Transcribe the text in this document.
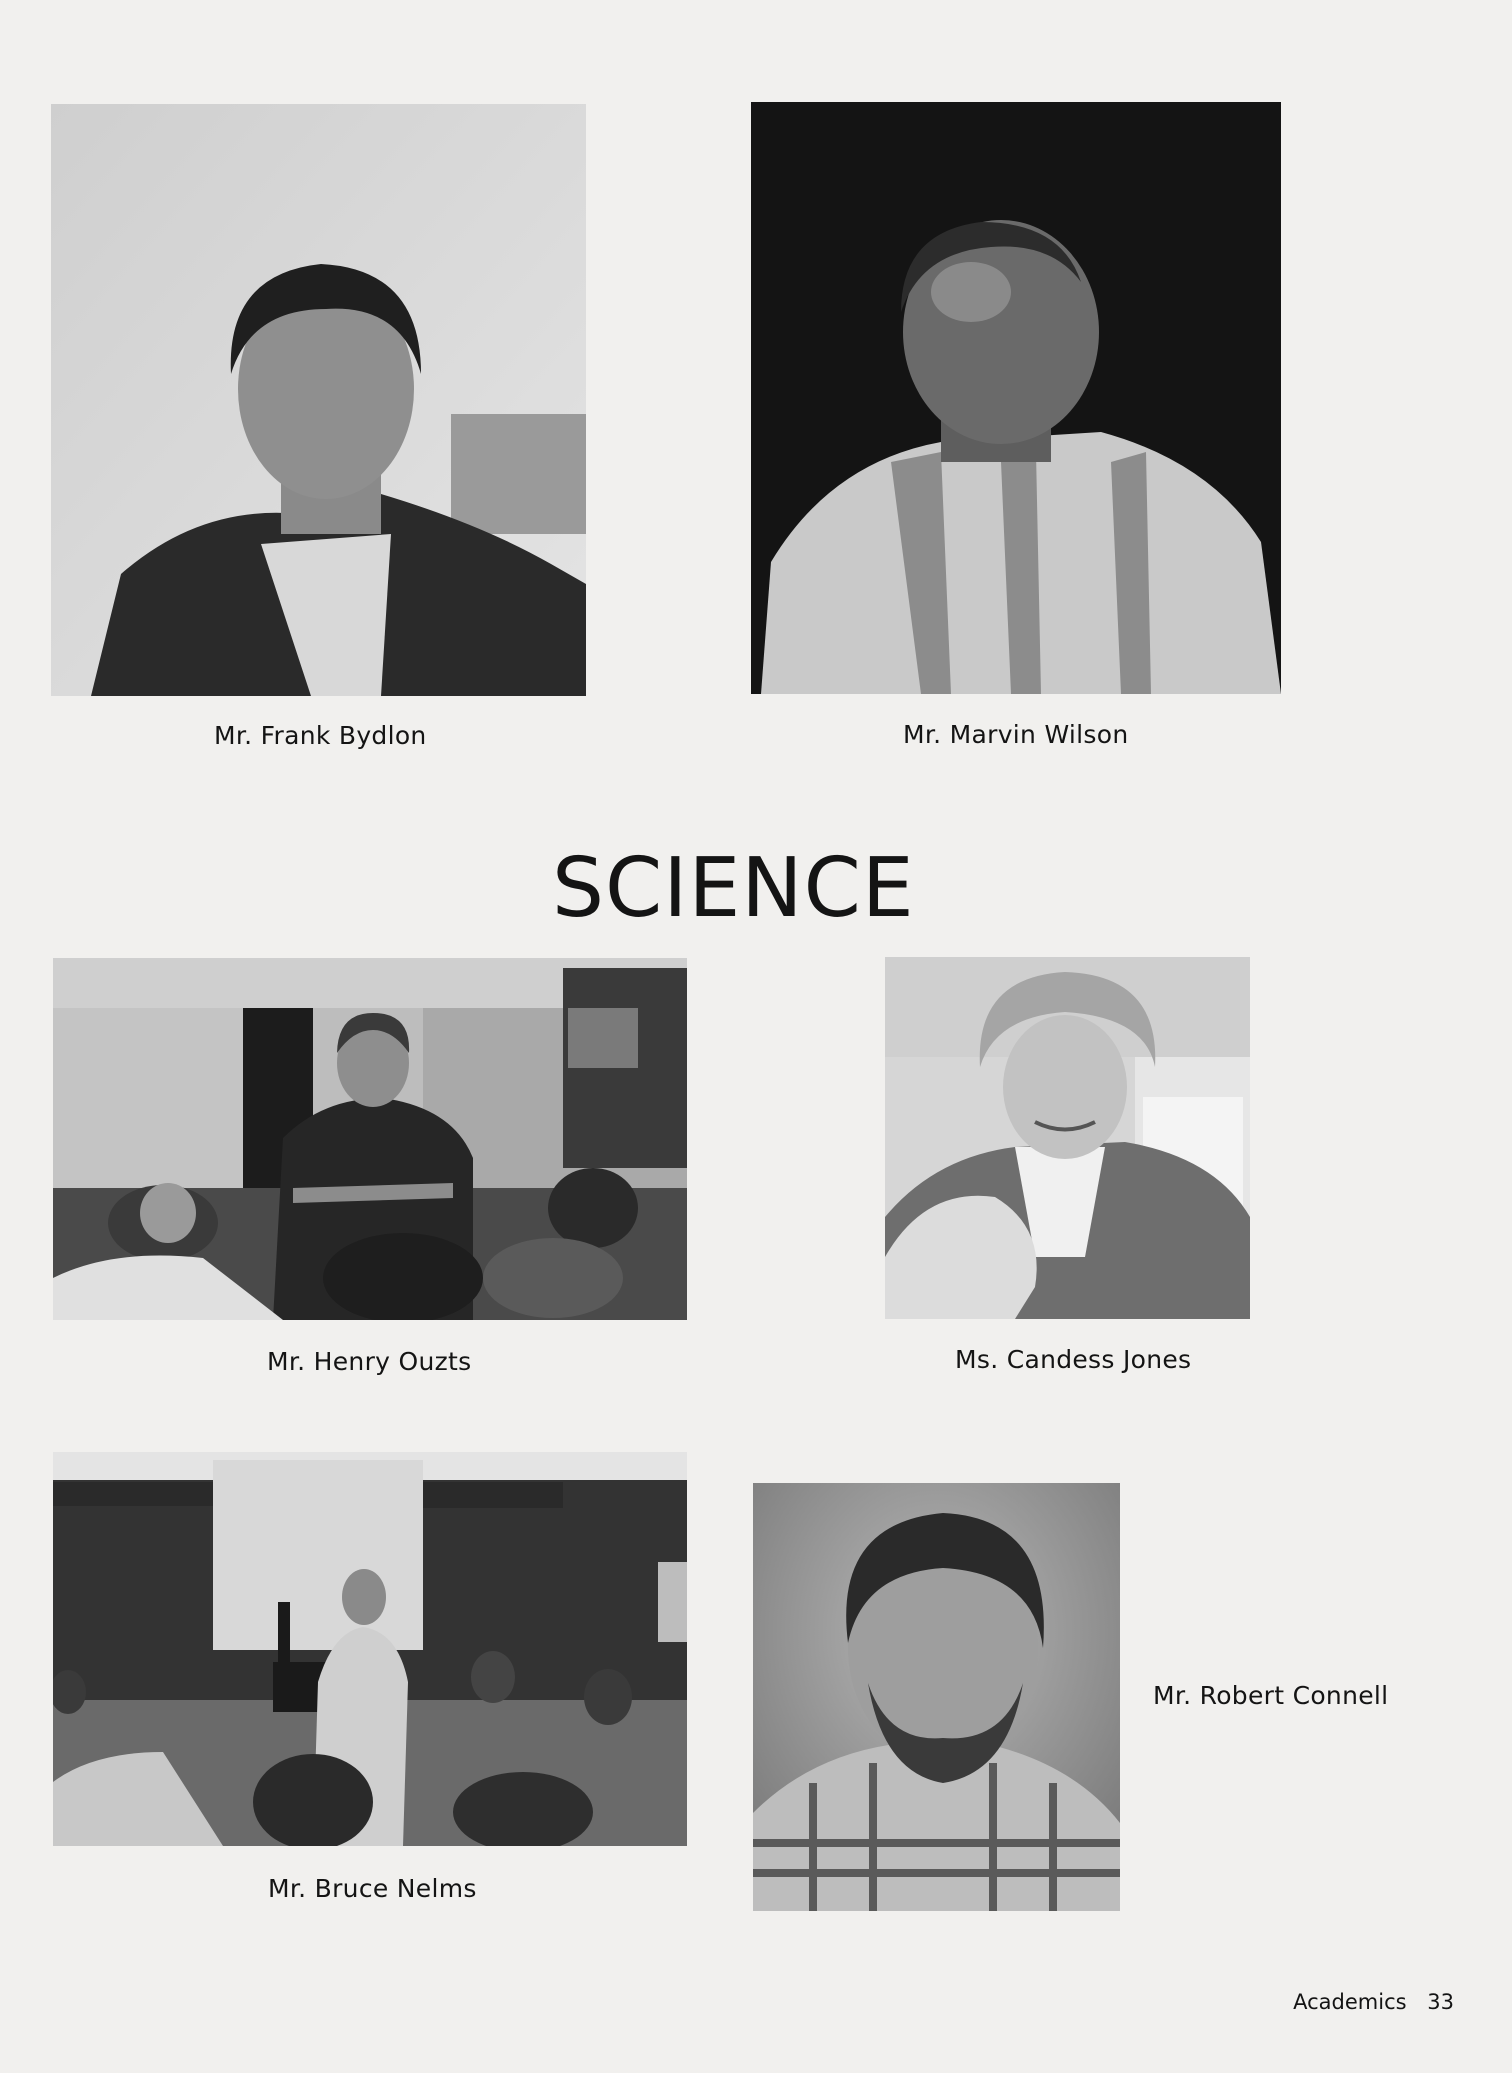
Mr. Frank Bydlon	Mr. Marvin Wilson
SCIENCE
Mr. Henry Ouzts	Ms. Candess Jones
Mr. Robert Connell
Mr. Bruce Nelms
Academics 33
